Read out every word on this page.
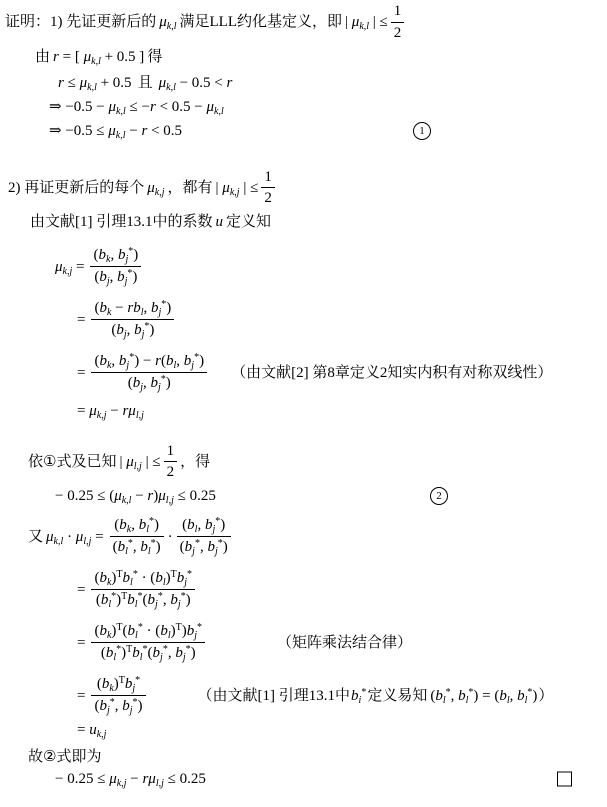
证明：1) 先证更新后的 $\mu_{k,l}$ 满足LLL约化基定义，即 | $\mu_{k,l}$ | ≤ $\frac{1}{2}$
由 r = [ $\mu_{k,l} + 0.5$ ] 得
$r \le \mu_{k,l} + 0.5$ 且 $\mu_{k,l} - 0.5 < r$
⇒ $-0.5 - \mu_{k,l} \le -r < 0.5 - \mu_{k,l}$
⇒ $-0.5 \le \mu_{k,l} - r < 0.5$	1
2) 再证更新后的每个 $\mu_{k,j}$ ，都有 | $\mu_{k,j}$ | ≤ $\frac{1}{2}$
由文献[1] 引理13.1中的系数 u 定义知
$\mu_{k,j} = \frac{(b_k, b_j^*)}{(b_j, b_j^*)}$
= $\frac{(b_k - rb_l, b_j^*)}{(b_j, b_j^*)}$
= $\frac{(b_k, b_j^*) - r(b_l, b_j^*)}{(b_j, b_j^*)}$ （由文献[2] 第8章定义2知实内积有对称双线性）
= $\mu_{k,j} - r\mu_{l,j}$
依①式及已知 | $\mu_{l,j}$ | ≤ $\frac{1}{2}$ ，得
− $0.25 \le (\mu_{k,l} - r)\mu_{l,j} \le 0.25$	2
又 $\mu_{k,l} \cdot \mu_{l,j} = \frac{(b_k, b_l^*)}{(b_l^*, b_l^*)} \cdot \frac{(b_l, b_j^*)}{(b_j^*, b_j^*)}$
= $\frac{(b_k)^Tb_l^* \cdot (b_l)^Tb_j^*}{(b_l^*)^Tb_l^*(b_j^*, b_j^*)}$
= $\frac{(b_k)^T(b_l^* \cdot (b_l)^T)b_j^*}{(b_l^*)^Tb_l^*(b_j^*, b_j^*)}$	（矩阵乘法结合律）
= $\frac{(b_k)^Tb_j^*}{(b_j^*, b_j^*)}$	（由文献[1] 引理13.1中 $b_i^*$ 定义易知 ($b_l^*$, $b_l^*) = (b_l$, $b_l^*$) ）
= $u_{k,j}$
故②式即为
− $0.25 \le \mu_{k,j} - r\mu_{l,j} \le 0.25$
